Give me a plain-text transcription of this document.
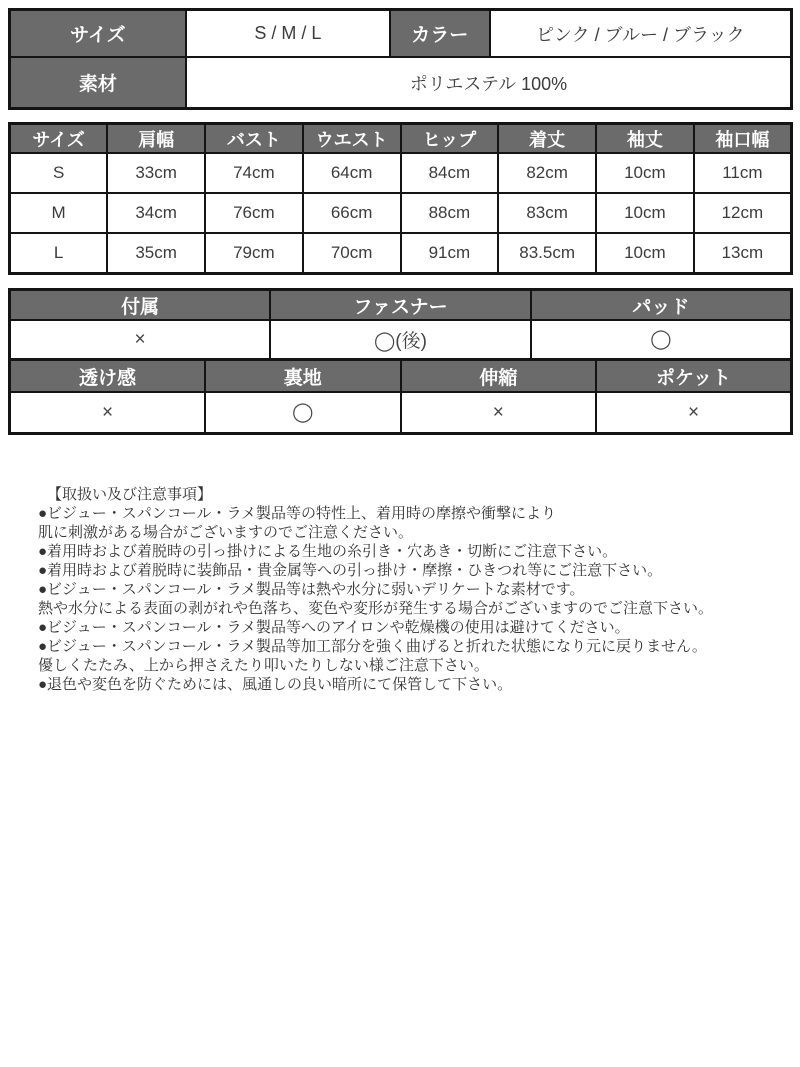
サイズ	S / M / L	カラー	ピンク / ブルー / ブラック
素材	ポリエステル 100%		
サイズ	肩幅	バスト	ウエスト	ヒップ	着丈	袖丈	袖口幅
S	33cm	74cm	64cm	84cm	82cm	10cm	11cm
M	34cm	76cm	66cm	88cm	83cm	10cm	12cm
L	35cm	79cm	70cm	91cm	83.5cm	10cm	13cm
付属	ファスナー	パッド
×	◯(後)	◯
透け感	裏地	伸縮	ポケット
×	◯	×	×
【取扱い及び注意事項】
●ビジュー・スパンコール・ラメ製品等の特性上、着用時の摩擦や衝撃により
肌に刺激がある場合がございますのでご注意ください。
●着用時および着脱時の引っ掛けによる生地の糸引き・穴あき・切断にご注意下さい。
●着用時および着脱時に装飾品・貴金属等への引っ掛け・摩擦・ひきつれ等にご注意下さい。
●ビジュー・スパンコール・ラメ製品等は熱や水分に弱いデリケートな素材です。
熱や水分による表面の剥がれや色落ち、変色や変形が発生する場合がございますのでご注意下さい。
●ビジュー・スパンコール・ラメ製品等へのアイロンや乾燥機の使用は避けてください。
●ビジュー・スパンコール・ラメ製品等加工部分を強く曲げると折れた状態になり元に戻りません。
優しくたたみ、上から押さえたり叩いたりしない様ご注意下さい。
●退色や変色を防ぐためには、風通しの良い暗所にて保管して下さい。
